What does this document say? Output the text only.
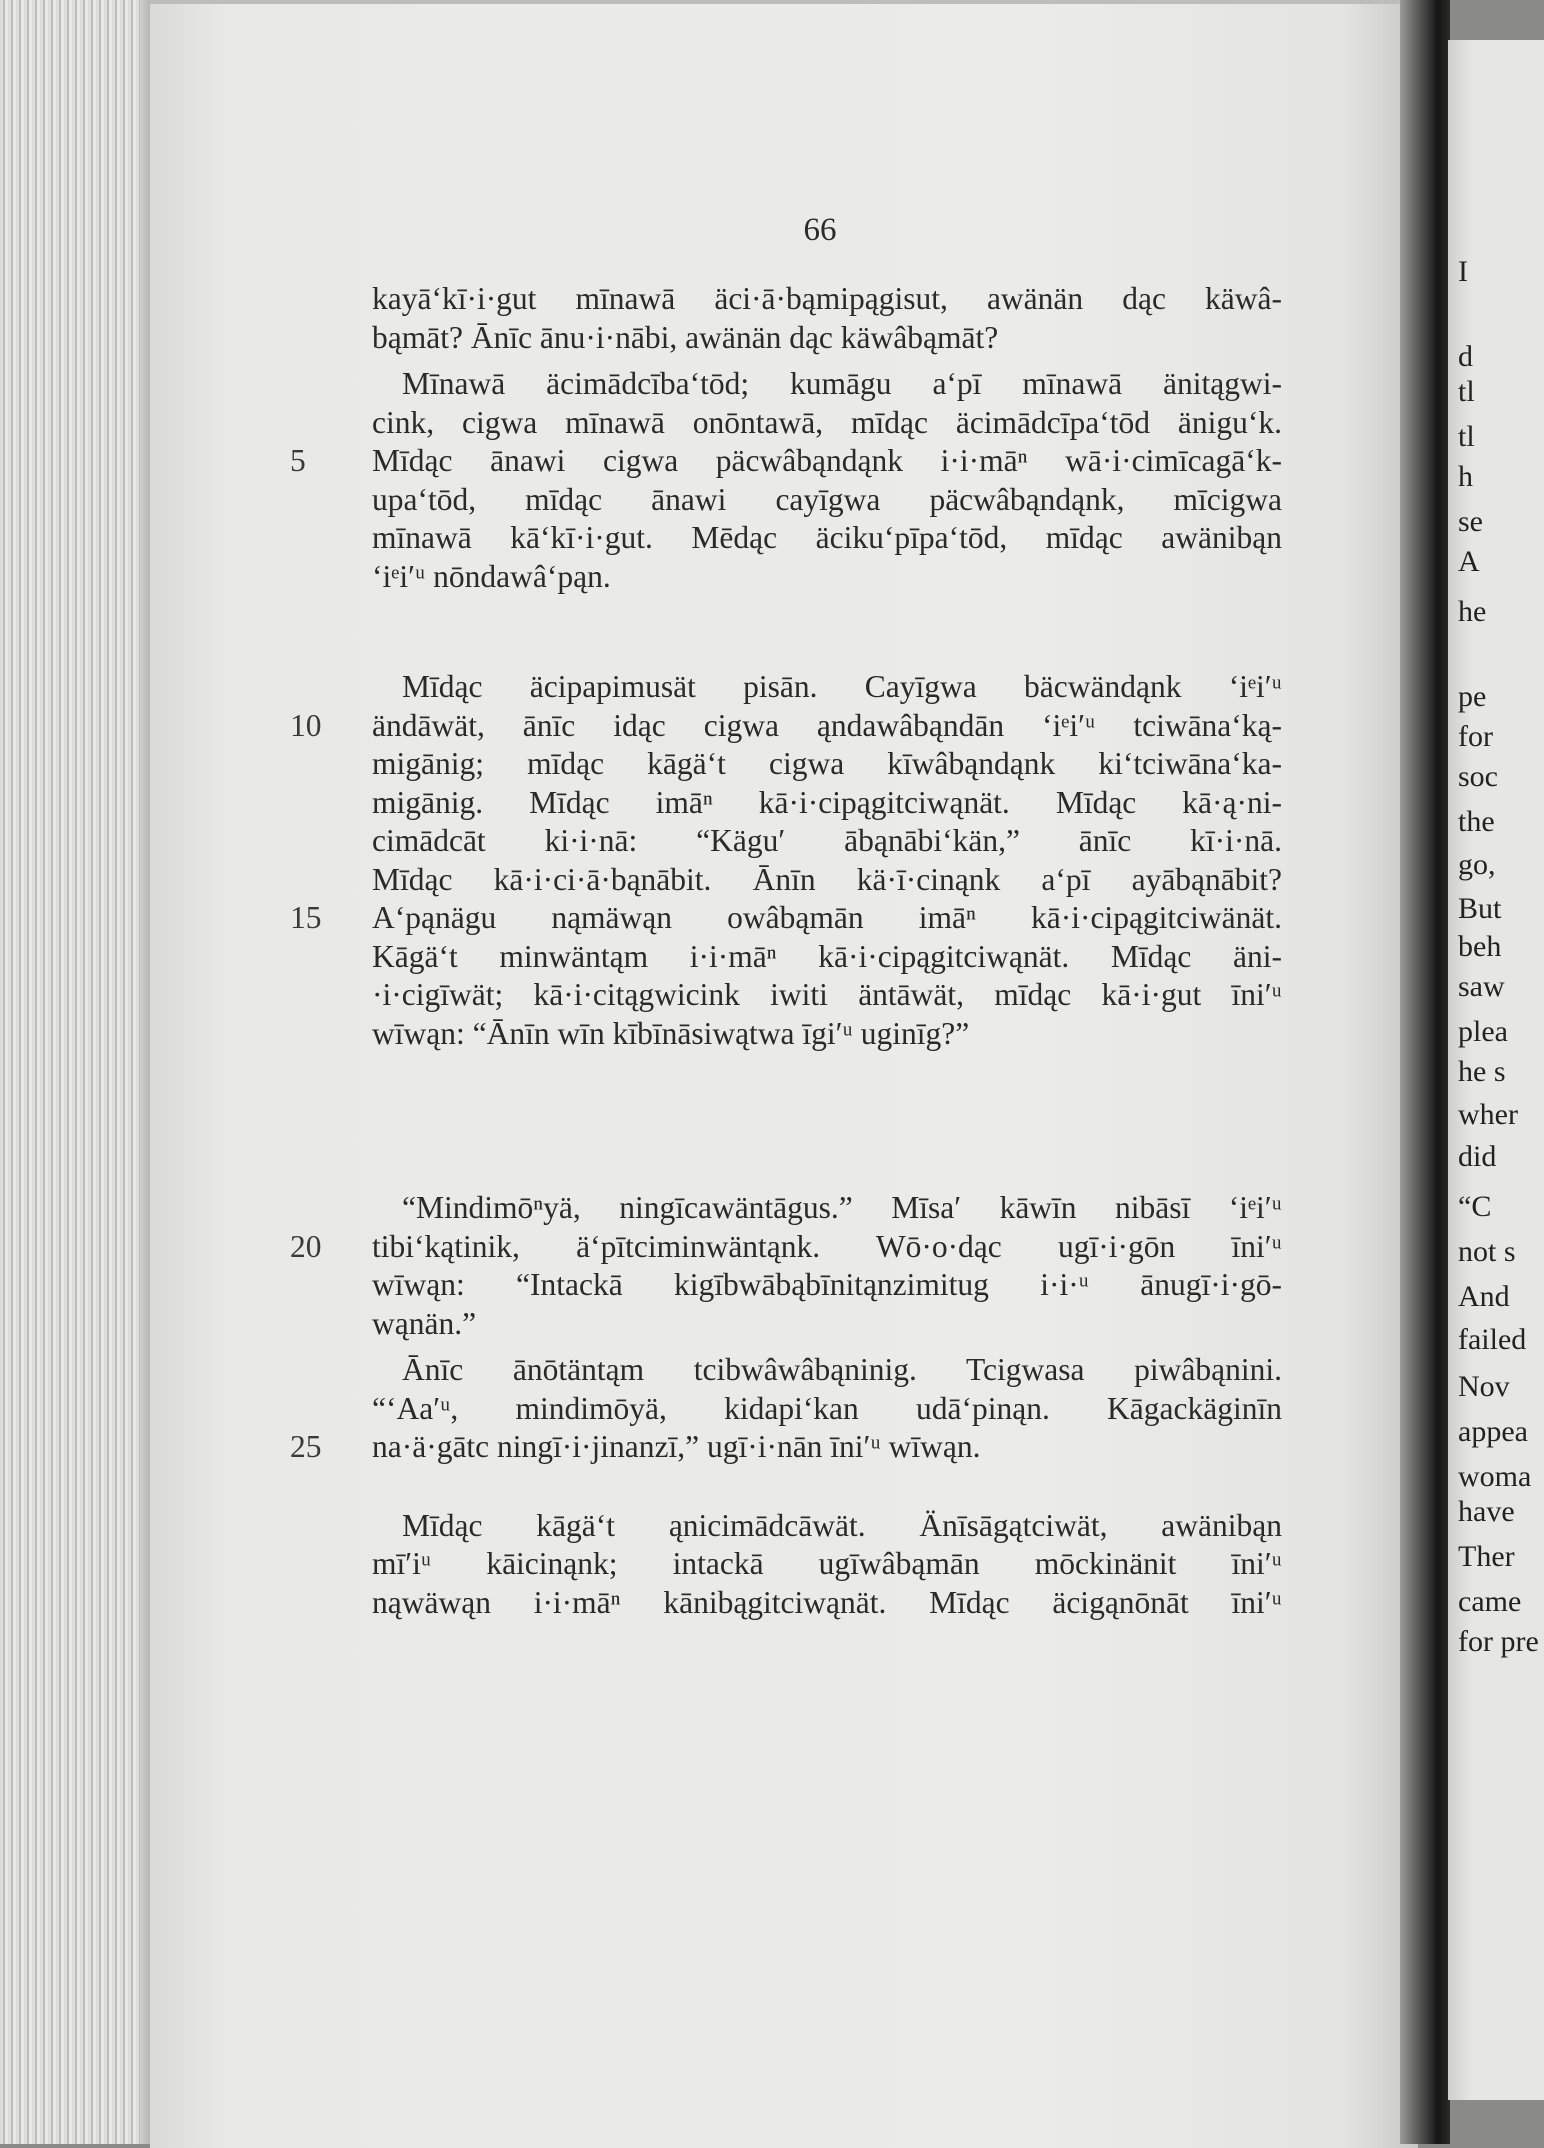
66
kayā‘kī·i·gut mīnawā äci·ā·bąmipągisut, awänän dąc käwâ-
bąmāt? Ānīc ānu·i·nābi, awänän dąc käwâbąmāt?
Mīnawā äcimādcība‘tōd; kumāgu a‘pī mīnawā änitągwi-
cink, cigwa mīnawā onōntawā, mīdąc äcimādcīpa‘tōd änigu‘k.
5	Mīdąc ānawi cigwa päcwâbąndąnk i·i·māⁿ wā·i·cimīcagā‘k-
upa‘tōd, mīdąc ānawi cayīgwa päcwâbąndąnk, mīcigwa
mīnawā kā‘kī·i·gut. Mēdąc äciku‘pīpa‘tōd, mīdąc awänibąn
‘iᵉi′ᵘ nōndawâ‘pąn.
Mīdąc äcipapimusät pisān. Cayīgwa bäcwändąnk ‘iᵉi′ᵘ
10	ändāwät, ānīc idąc cigwa ąndawâbąndān ‘iᵉi′ᵘ tciwāna‘ką-
migānig; mīdąc kāgä‘t cigwa kīwâbąndąnk ki‘tciwāna‘ka-
migānig. Mīdąc imāⁿ kā·i·cipągitciwąnät. Mīdąc kā·ą·ni-
cimādcāt ki·i·nā: “Kägu′ ābąnābi‘kän,” ānīc kī·i·nā.
Mīdąc kā·i·ci·ā·bąnābit. Ānīn kä·ī·cinąnk a‘pī ayābąnābit?
15	A‘pąnägu nąmäwąn owâbąmān imāⁿ kā·i·cipągitciwänät.
Kāgä‘t minwäntąm i·i·māⁿ kā·i·cipągitciwąnät. Mīdąc äni-
·i·cigīwät; kā·i·citągwicink iwiti äntāwät, mīdąc kā·i·gut īni′ᵘ
wīwąn: “Ānīn wīn kībīnāsiwątwa īgi′ᵘ uginīg?”
“Mindimōⁿyä, ningīcawäntāgus.” Mīsa′ kāwīn nibāsī ‘iᵉi′ᵘ
20	tibi‘kątinik, ä‘pītciminwäntąnk. Wō·o·dąc ugī·i·gōn īni′ᵘ
wīwąn: “Intackā kigībwābąbīnitąnzimitug i·i·ᵘ ānugī·i·gō-
wąnän.”
Ānīc ānōtäntąm tcibwâwâbąninig. Tcigwasa piwâbąnini.
“‘Aa′ᵘ, mindimōyä, kidapi‘kan udā‘pinąn. Kāgackäginīn
25	na·ä·gātc ningī·i·jinanzī,” ugī·i·nān īni′ᵘ wīwąn.
Mīdąc kāgä‘t ąnicimādcāwät. Änīsāgątciwät, awänibąn
mī′iᵘ kāicinąnk; intackā ugīwâbąmān mōckinänit īni′ᵘ
nąwäwąn i·i·māⁿ kānibągitciwąnät. Mīdąc äcigąnōnāt īni′ᵘ
I
d
tl
tl
h
se
A
he
pe
for
soc
the
go,
But
beh
saw
plea
he s
wher
did
“C
not s
And
failed
Nov
appea
woma
have
Ther
came
for pre
